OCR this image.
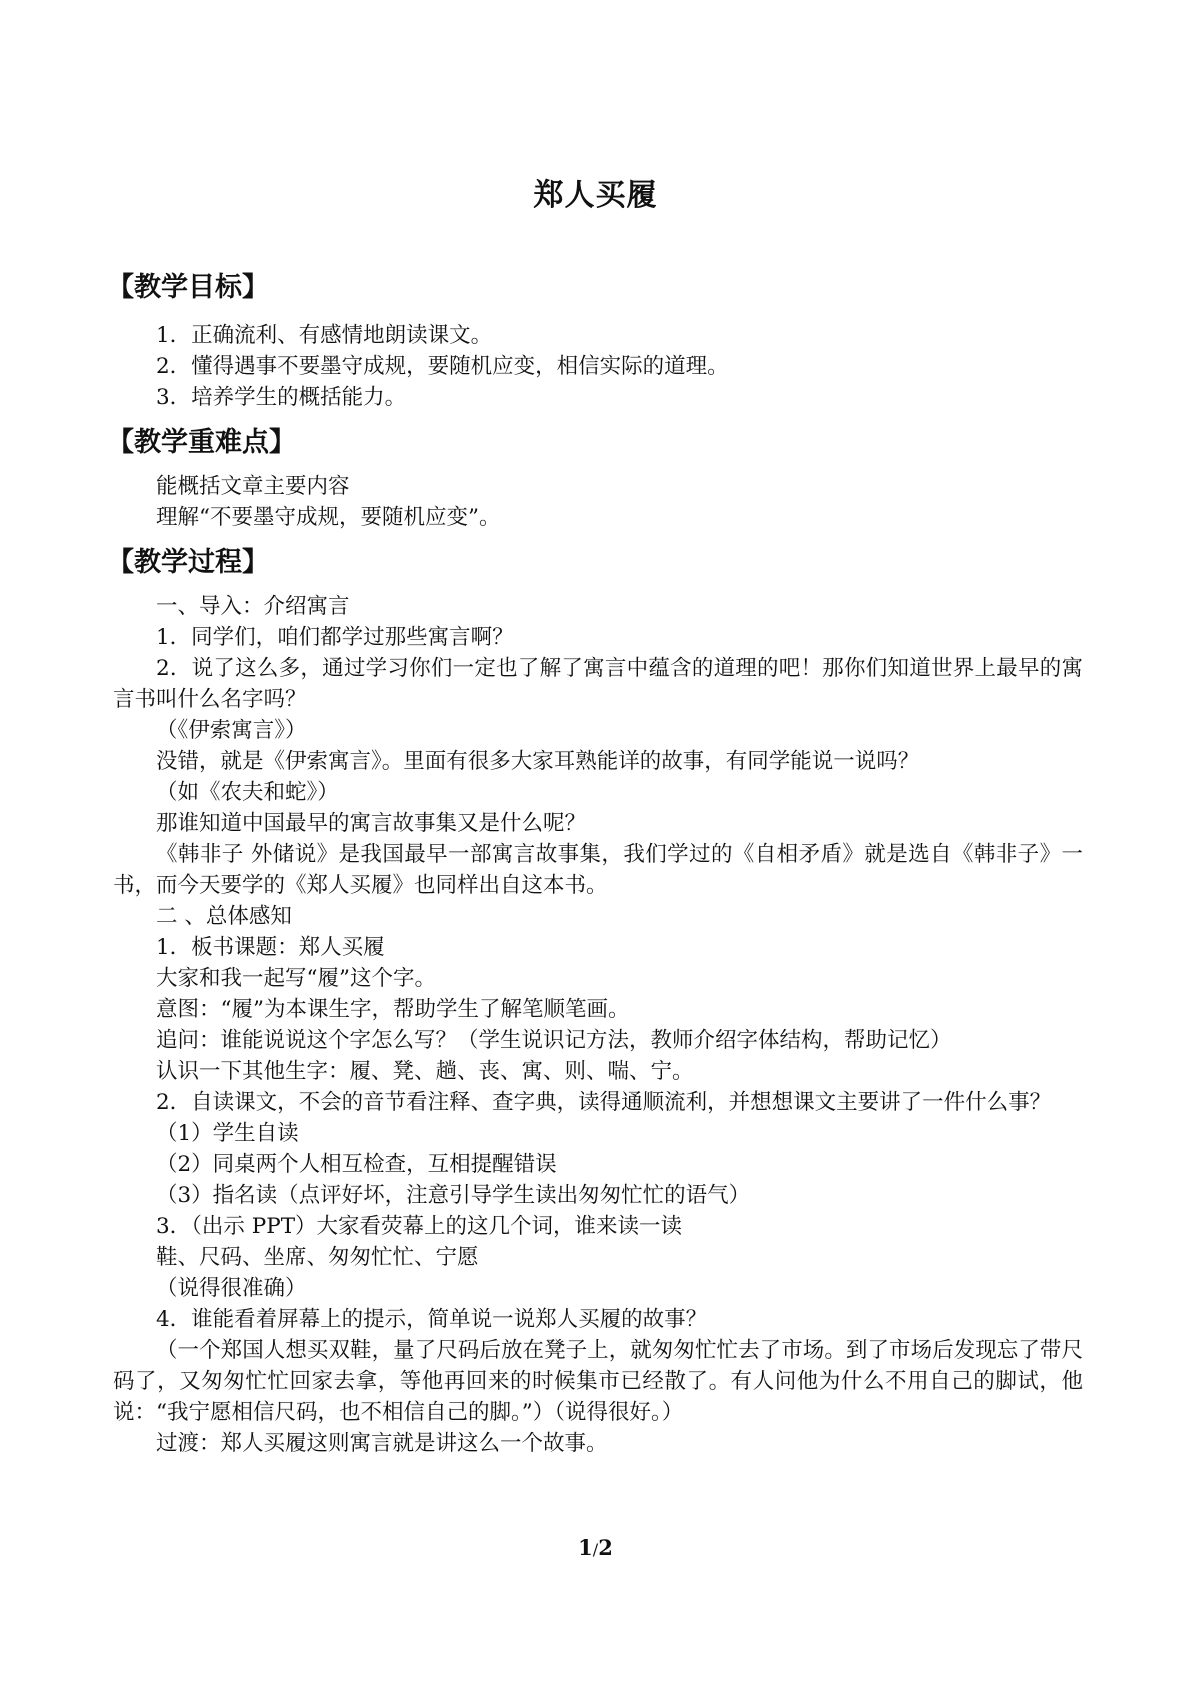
郑人买履
【教学目标】

1．正确流利、有感情地朗读课文。

2．懂得遇事不要墨守成规，要随机应变，相信实际的道理。

3．培养学生的概括能力。

【教学重难点】

能概括文章主要内容

理解“不要墨守成规，要随机应变”。

【教学过程】

一、导入：介绍寓言

1．同学们，咱们都学过那些寓言啊？

2．说了这么多，通过学习你们一定也了解了寓言中蕴含的道理的吧！那你们知道世界上最早的寓言书叫什么名字吗？

（《伊索寓言》）

没错，就是《伊索寓言》。里面有很多大家耳熟能详的故事，有同学能说一说吗？

（如《农夫和蛇》）

那谁知道中国最早的寓言故事集又是什么呢？

《韩非子 外储说》是我国最早一部寓言故事集，我们学过的《自相矛盾》就是选自《韩非子》一书，而今天要学的《郑人买履》也同样出自这本书。

二 、总体感知

1．板书课题：郑人买履

大家和我一起写“履”这个字。

意图：“履”为本课生字，帮助学生了解笔顺笔画。

追问：谁能说说这个字怎么写？（学生说识记方法，教师介绍字体结构，帮助记忆）

认识一下其他生字：履、凳、趟、丧、寓、则、喘、宁。

2．自读课文，不会的音节看注释、查字典，读得通顺流利，并想想课文主要讲了一件什么事？

（1）学生自读

（2）同桌两个人相互检查，互相提醒错误

（3）指名读（点评好坏，注意引导学生读出匆匆忙忙的语气）

3．（出示 PPT）大家看荧幕上的这几个词，谁来读一读

鞋、尺码、坐席、匆匆忙忙、宁愿

（说得很准确）

4．谁能看着屏幕上的提示，简单说一说郑人买履的故事？

（一个郑国人想买双鞋，量了尺码后放在凳子上，就匆匆忙忙去了市场。到了市场后发现忘了带尺码了，又匆匆忙忙回家去拿，等他再回来的时候集市已经散了。有人问他为什么不用自己的脚试，他说：“我宁愿相信尺码，也不相信自己的脚。”）（说得很好。）

过渡：郑人买履这则寓言就是讲这么一个故事。

1/2
